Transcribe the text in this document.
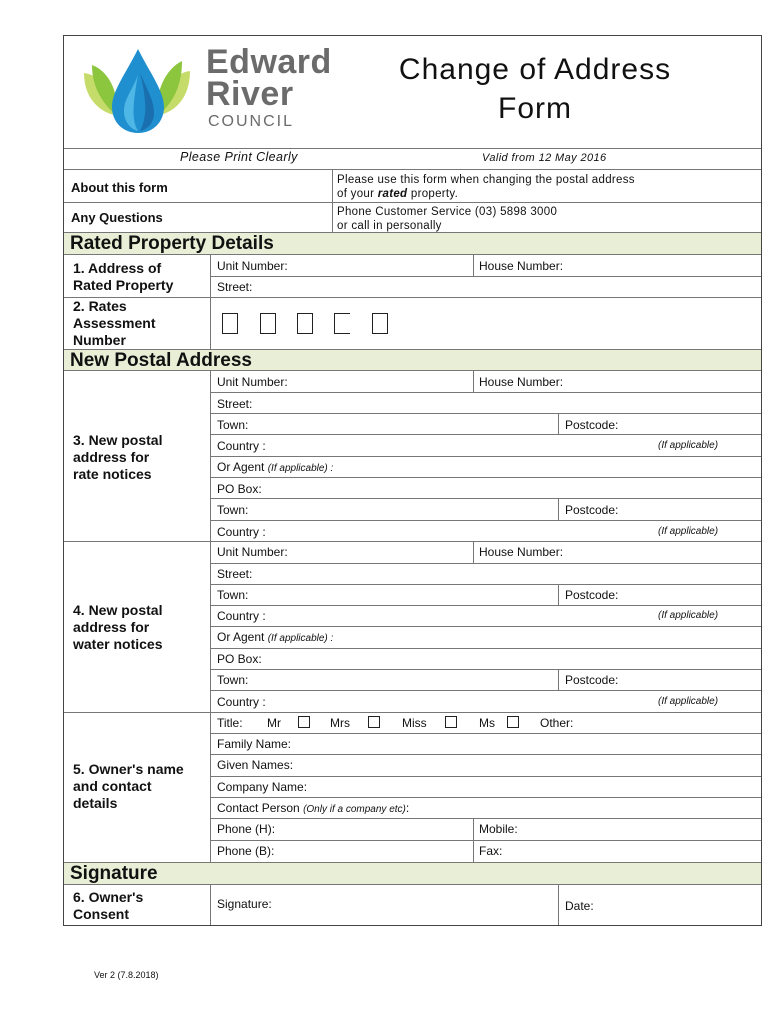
Edward
River
COUNCIL
Change of Address
Form
Please Print Clearly	Valid from 12 May 2016
About this form	Please use this form when changing the postal address
of your rated property.
Any Questions	Phone Customer Service (03) 5898 3000
or call in personally
Rated Property Details
1. Address of
Rated Property
Unit Number:	House Number:
Street:
2. Rates
Assessment
Number
New Postal Address
3. New postal
address for
rate notices
Unit Number:	House Number:
Street:
Town:	Postcode:
Country :	(If applicable)
Or Agent (If applicable) :
PO Box:
Town:	Postcode:
Country :	(If applicable)
4. New postal
address for
water notices
Unit Number:	House Number:
Street:
Town:	Postcode:
Country :	(If applicable)
Or Agent (If applicable) :
PO Box:
Town:	Postcode:
Country :	(If applicable)
5. Owner's name
and contact
details
Title: Mr	Mrs	Miss	Ms	Other:
Family Name:
Given Names:
Company Name:
Contact Person (Only if a company etc):
Phone (H):	Mobile:
Phone (B):	Fax:
Signature
6. Owner's
Consent
Signature:	Date:
Ver 2 (7.8.2018)
